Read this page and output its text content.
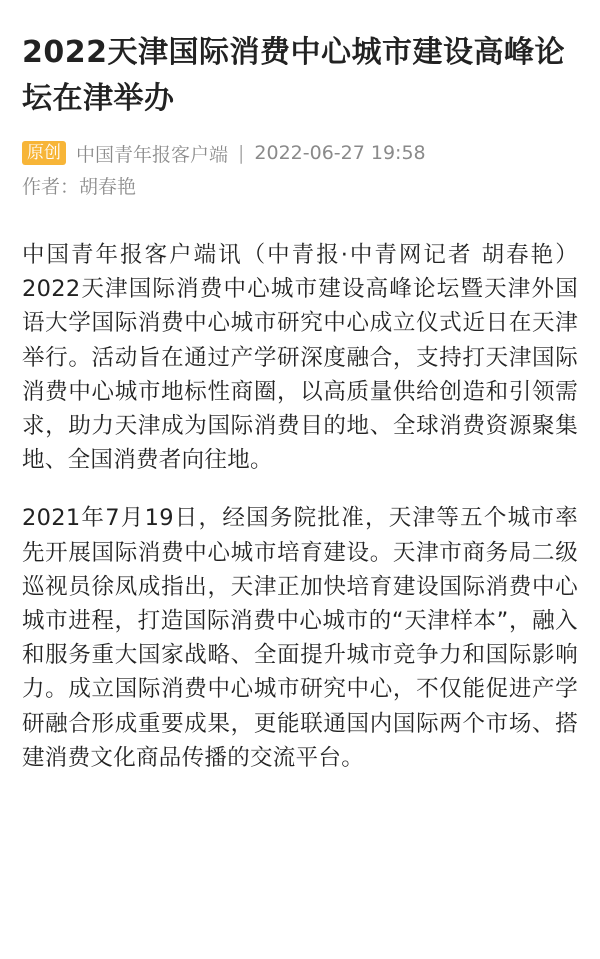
2022天津国际消费中心城市建设高峰论坛在津举办
原创 中国青年报客户端 | 2022-06-27 19:58
作者：胡春艳

中国青年报客户端讯（中青报·中青网记者 胡春艳）2022天津国际消费中心城市建设高峰论坛暨天津外国语大学国际消费中心城市研究中心成立仪式近日在天津举行。活动旨在通过产学研深度融合，支持打天津国际消费中心城市地标性商圈，以高质量供给创造和引领需求，助力天津成为国际消费目的地、全球消费资源聚集地、全国消费者向往地。

2021年7月19日，经国务院批准，天津等五个城市率先开展国际消费中心城市培育建设。天津市商务局二级巡视员徐凤成指出，天津正加快培育建设国际消费中心城市进程，打造国际消费中心城市的“天津样本”，融入和服务重大国家战略、全面提升城市竞争力和国际影响力。成立国际消费中心城市研究中心，不仅能促进产学研融合形成重要成果，更能联通国内国际两个市场、搭建消费文化商品传播的交流平台。
